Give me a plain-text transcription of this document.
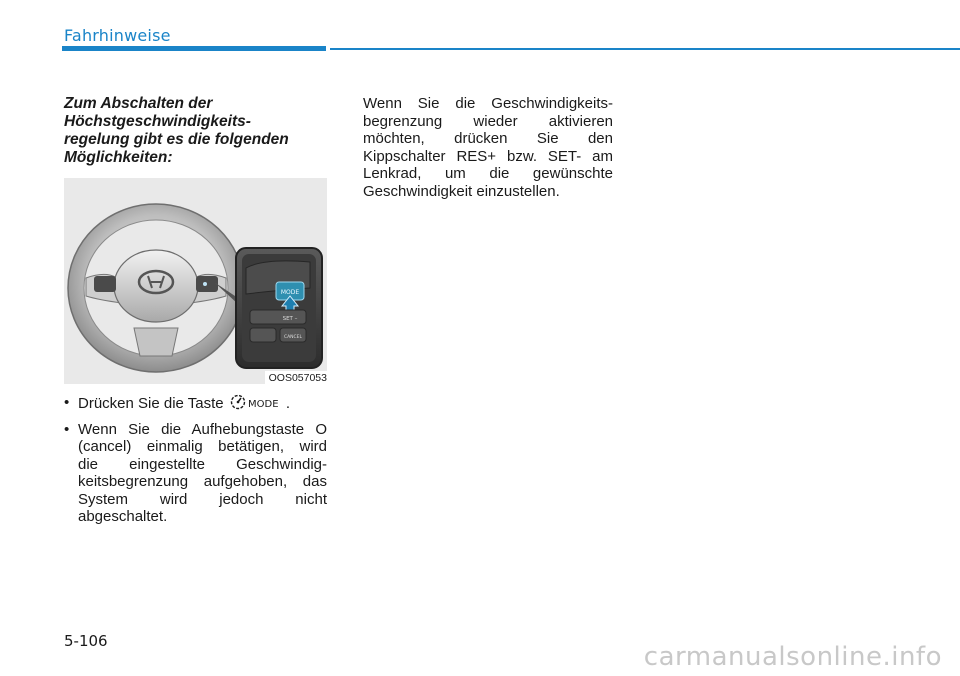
Fahrhinweise
Zum Abschalten der
Höchstgeschwindigkeits-
regelung gibt es die folgenden
Möglichkeiten:
MODE
SET –
CANCEL
OOS057053
• Drücken Sie die Taste MODE .
• Wenn Sie die Aufhebungstaste O
(cancel) einmalig betätigen, wird
die eingestellte Geschwindig-
keitsbegrenzung aufgehoben, das
System wird jedoch nicht
abgeschaltet.
Wenn Sie die Geschwindigkeits-
begrenzung wieder aktivieren
möchten, drücken Sie den
Kippschalter RES+ bzw. SET- am
Lenkrad, um die gewünschte
Geschwindigkeit einzustellen.
5-106
carmanualsonline.info
